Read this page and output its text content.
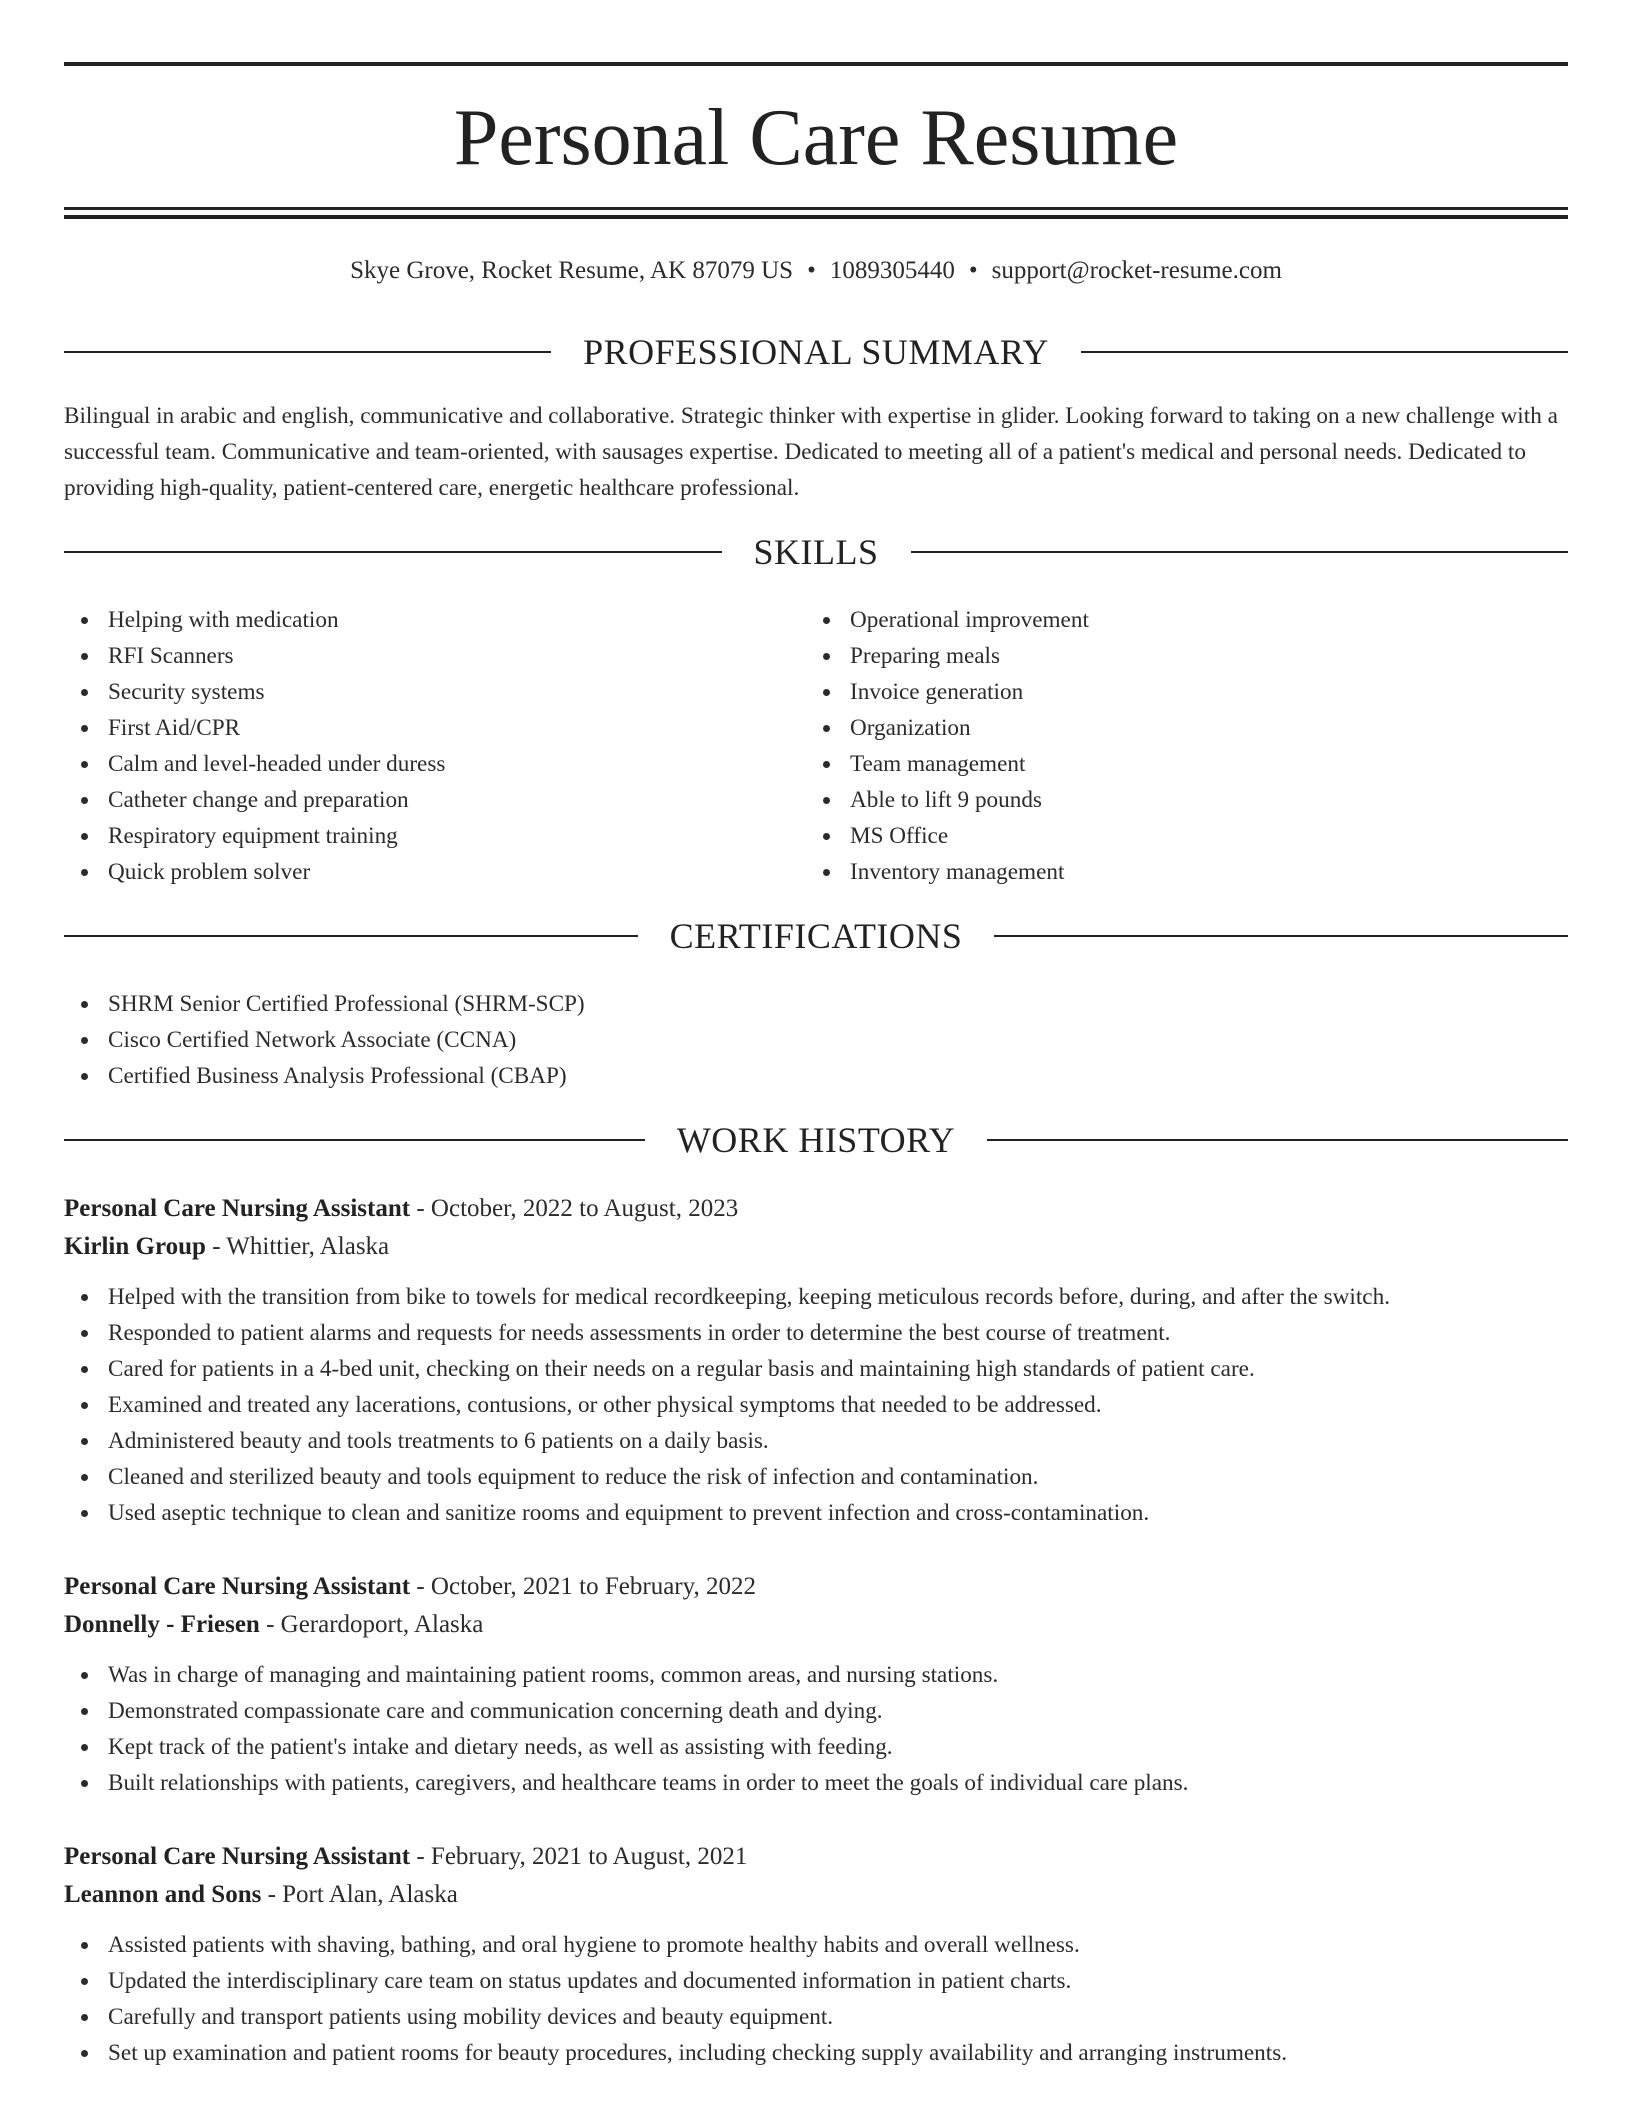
Personal Care Resume
Skye Grove, Rocket Resume, AK 87079 US • 1089305440 • support@rocket-resume.com
PROFESSIONAL SUMMARY

Bilingual in arabic and english, communicative and collaborative. Strategic thinker with expertise in glider. Looking forward to taking on a new challenge with a successful team. Communicative and team-oriented, with sausages expertise. Dedicated to meeting all of a patient's medical and personal needs. Dedicated to providing high-quality, patient-centered care, energetic healthcare professional.

SKILLS
Helping with medication
RFI Scanners
Security systems
First Aid/CPR
Calm and level-headed under duress
Catheter change and preparation
Respiratory equipment training
Quick problem solver
Operational improvement
Preparing meals
Invoice generation
Organization
Team management
Able to lift 9 pounds
MS Office
Inventory management
CERTIFICATIONS
SHRM Senior Certified Professional (SHRM-SCP)
Cisco Certified Network Associate (CCNA)
Certified Business Analysis Professional (CBAP)
WORK HISTORY
Personal Care Nursing Assistant - October, 2022 to August, 2023
Kirlin Group - Whittier, Alaska
Helped with the transition from bike to towels for medical recordkeeping, keeping meticulous records before, during, and after the switch.
Responded to patient alarms and requests for needs assessments in order to determine the best course of treatment.
Cared for patients in a 4-bed unit, checking on their needs on a regular basis and maintaining high standards of patient care.
Examined and treated any lacerations, contusions, or other physical symptoms that needed to be addressed.
Administered beauty and tools treatments to 6 patients on a daily basis.
Cleaned and sterilized beauty and tools equipment to reduce the risk of infection and contamination.
Used aseptic technique to clean and sanitize rooms and equipment to prevent infection and cross-contamination.
Personal Care Nursing Assistant - October, 2021 to February, 2022
Donnelly - Friesen - Gerardoport, Alaska
Was in charge of managing and maintaining patient rooms, common areas, and nursing stations.
Demonstrated compassionate care and communication concerning death and dying.
Kept track of the patient's intake and dietary needs, as well as assisting with feeding.
Built relationships with patients, caregivers, and healthcare teams in order to meet the goals of individual care plans.
Personal Care Nursing Assistant - February, 2021 to August, 2021
Leannon and Sons - Port Alan, Alaska
Assisted patients with shaving, bathing, and oral hygiene to promote healthy habits and overall wellness.
Updated the interdisciplinary care team on status updates and documented information in patient charts.
Carefully and transport patients using mobility devices and beauty equipment.
Set up examination and patient rooms for beauty procedures, including checking supply availability and arranging instruments.
